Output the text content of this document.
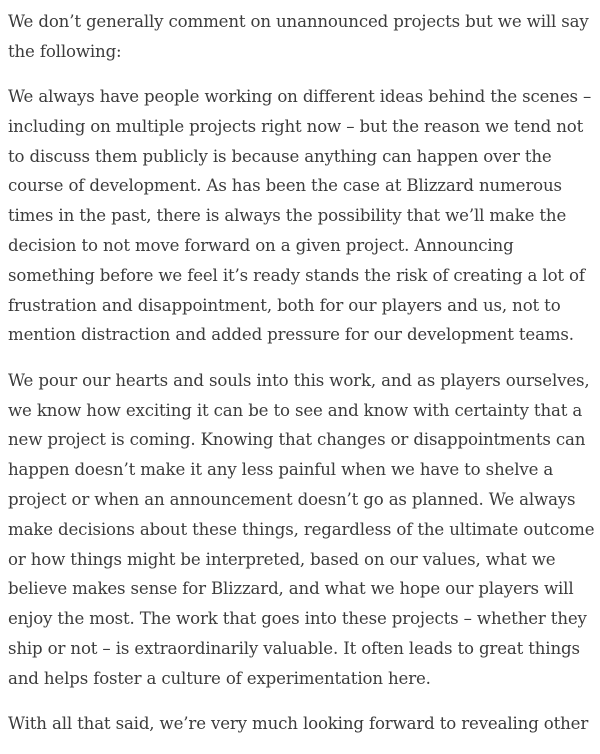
We don’t generally comment on unannounced projects but we will say the following:

We always have people working on different ideas behind the scenes – including on multiple projects right now – but the reason we tend not to discuss them publicly is because anything can happen over the course of development. As has been the case at Blizzard numerous times in the past, there is always the possibility that we’ll make the decision to not move forward on a given project. Announcing something before we feel it’s ready stands the risk of creating a lot of frustration and disappointment, both for our players and us, not to mention distraction and added pressure for our development teams.

We pour our hearts and souls into this work, and as players ourselves, we know how exciting it can be to see and know with certainty that a new project is coming. Knowing that changes or disappointments can happen doesn’t make it any less painful when we have to shelve a project or when an announcement doesn’t go as planned. We always make decisions about these things, regardless of the ultimate outcome or how things might be interpreted, based on our values, what we believe makes sense for Blizzard, and what we hope our players will enjoy the most. The work that goes into these projects – whether they ship or not – is extraordinarily valuable. It often leads to great things and helps foster a culture of experimentation here.

With all that said, we’re very much looking forward to revealing other
